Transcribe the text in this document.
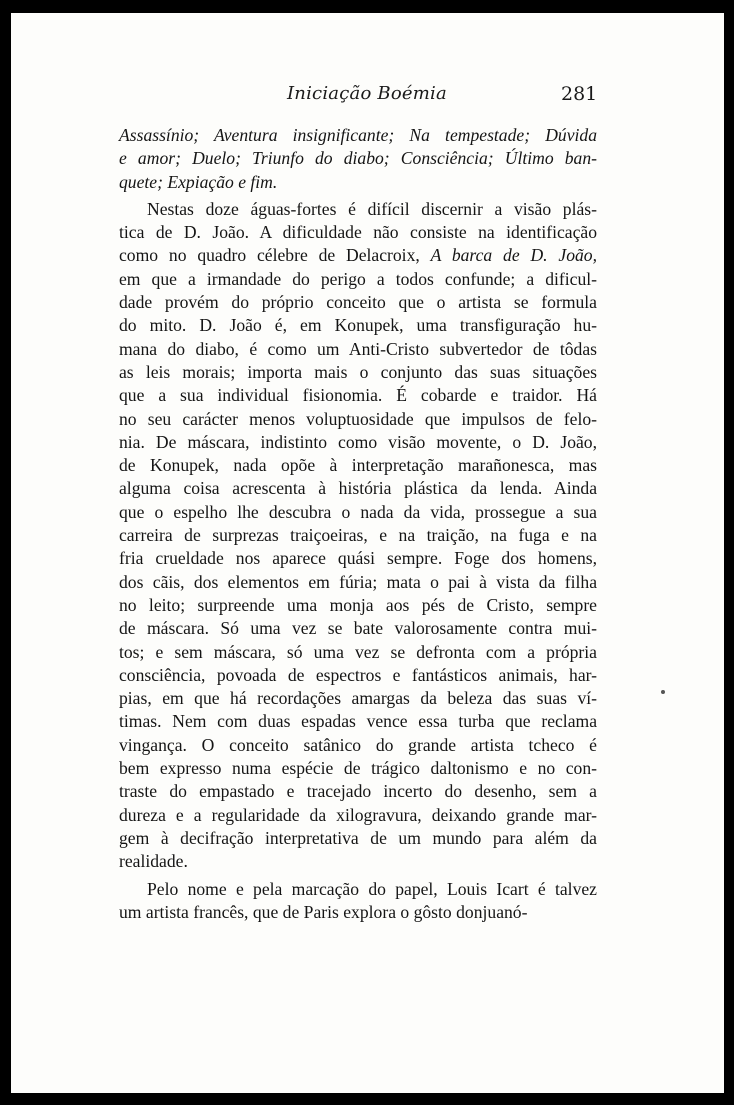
Iniciação Boémia	281
Assassínio; Aventura insignificante; Na tempestade; Dúvida
e amor; Duelo; Triunfo do diabo; Consciência; Último ban-
quete; Expiação e fim.
Nestas doze águas-fortes é difícil discernir a visão plás-
tica de D. João. A dificuldade não consiste na identificação
como no quadro célebre de Delacroix, A barca de D. João,
em que a irmandade do perigo a todos confunde; a dificul-
dade provém do próprio conceito que o artista se formula
do mito. D. João é, em Konupek, uma transfiguração hu-
mana do diabo, é como um Anti-Cristo subvertedor de tôdas
as leis morais; importa mais o conjunto das suas situações
que a sua individual fisionomia. É cobarde e traidor. Há
no seu carácter menos voluptuosidade que impulsos de felo-
nia. De máscara, indistinto como visão movente, o D. João,
de Konupek, nada opõe à interpretação marañonesca, mas
alguma coisa acrescenta à história plástica da lenda. Ainda
que o espelho lhe descubra o nada da vida, prossegue a sua
carreira de surprezas traiçoeiras, e na traição, na fuga e na
fria crueldade nos aparece quási sempre. Foge dos homens,
dos cãis, dos elementos em fúria; mata o pai à vista da filha
no leito; surpreende uma monja aos pés de Cristo, sempre
de máscara. Só uma vez se bate valorosamente contra mui-
tos; e sem máscara, só uma vez se defronta com a própria
consciência, povoada de espectros e fantásticos animais, har-
pias, em que há recordações amargas da beleza das suas ví-
timas. Nem com duas espadas vence essa turba que reclama
vingança. O conceito satânico do grande artista tcheco é
bem expresso numa espécie de trágico daltonismo e no con-
traste do empastado e tracejado incerto do desenho, sem a
dureza e a regularidade da xilogravura, deixando grande mar-
gem à decifração interpretativa de um mundo para além da
realidade.
Pelo nome e pela marcação do papel, Louis Icart é talvez
um artista francês, que de Paris explora o gôsto donjuanó-
